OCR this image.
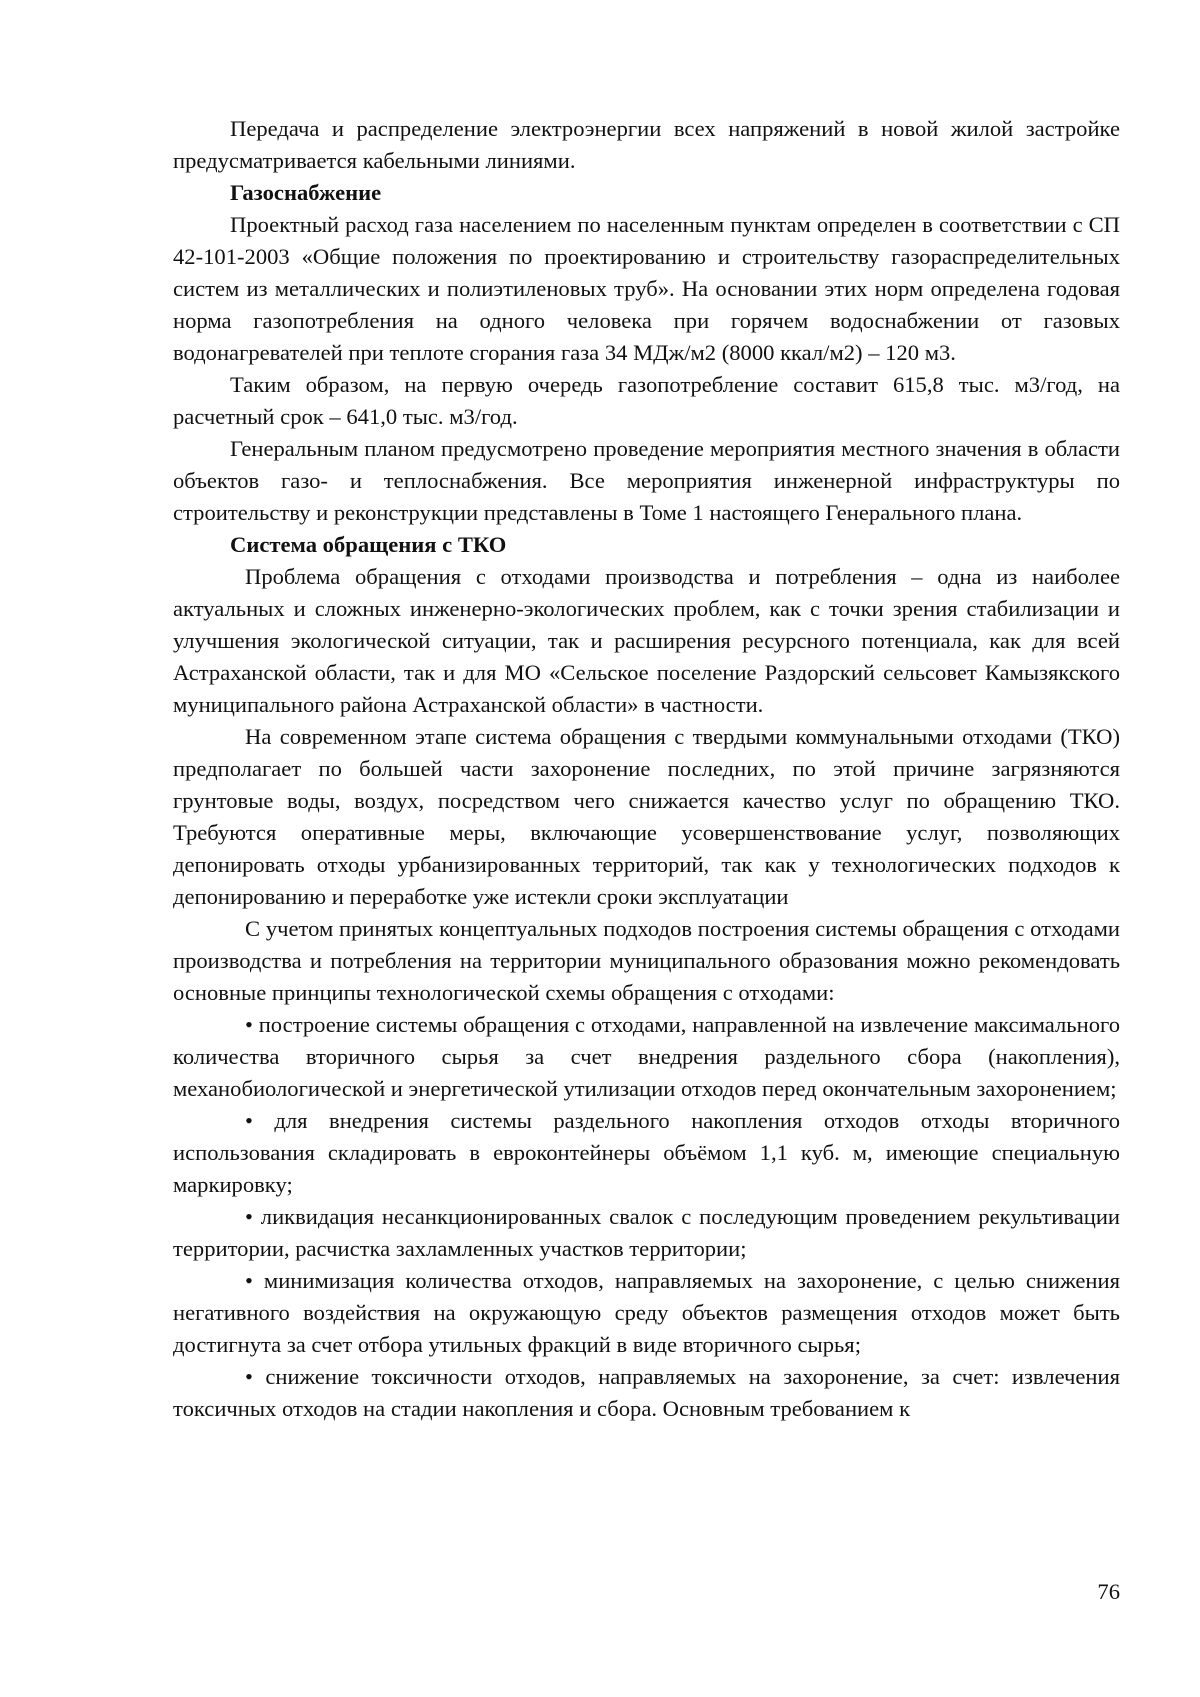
Передача и распределение электроэнергии всех напряжений в новой жилой застройке предусматривается кабельными линиями.

Газоснабжение

Проектный расход газа населением по населенным пунктам определен в соответствии с СП 42-101-2003 «Общие положения по проектированию и строительству газораспределительных систем из металлических и полиэтиленовых труб». На основании этих норм определена годовая норма газопотребления на одного человека при горячем водоснабжении от газовых водонагревателей при теплоте сгорания газа 34 МДж/м2 (8000 ккал/м2) – 120 м3.

Таким образом, на первую очередь газопотребление составит 615,8 тыс. м3/год, на расчетный срок – 641,0 тыс. м3/год.

Генеральным планом предусмотрено проведение мероприятия местного значения в области объектов газо- и теплоснабжения. Все мероприятия инженерной инфраструктуры по строительству и реконструкции представлены в Томе 1 настоящего Генерального плана.

Система обращения с ТКО

Проблема обращения с отходами производства и потребления – одна из наиболее актуальных и сложных инженерно-экологических проблем, как с точки зрения стабилизации и улучшения экологической ситуации, так и расширения ресурсного потенциала, как для всей Астраханской области, так и для МО «Сельское поселение Раздорский сельсовет Камызякского муниципального района Астраханской области» в частности.

На современном этапе система обращения с твердыми коммунальными отходами (ТКО) предполагает по большей части захоронение последних, по этой причине загрязняются грунтовые воды, воздух, посредством чего снижается качество услуг по обращению ТКО. Требуются оперативные меры, включающие усовершенствование услуг, позволяющих депонировать отходы урбанизированных территорий, так как у технологических подходов к депонированию и переработке уже истекли сроки эксплуатации

С учетом принятых концептуальных подходов построения системы обращения с отходами производства и потребления на территории муниципального образования можно рекомендовать основные принципы технологической схемы обращения с отходами:

• построение системы обращения с отходами, направленной на извлечение максимального количества вторичного сырья за счет внедрения раздельного сбора (накопления), механобиологической и энергетической утилизации отходов перед окончательным захоронением;

• для внедрения системы раздельного накопления отходов отходы вторичного использования складировать в евроконтейнеры объёмом 1,1 куб. м, имеющие специальную маркировку;

• ликвидация несанкционированных свалок с последующим проведением рекультивации территории, расчистка захламленных участков территории;

• минимизация количества отходов, направляемых на захоронение, с целью снижения негативного воздействия на окружающую среду объектов размещения отходов может быть достигнута за счет отбора утильных фракций в виде вторичного сырья;

• снижение токсичности отходов, направляемых на захоронение, за счет: извлечения токсичных отходов на стадии накопления и сбора. Основным требованием к

76
